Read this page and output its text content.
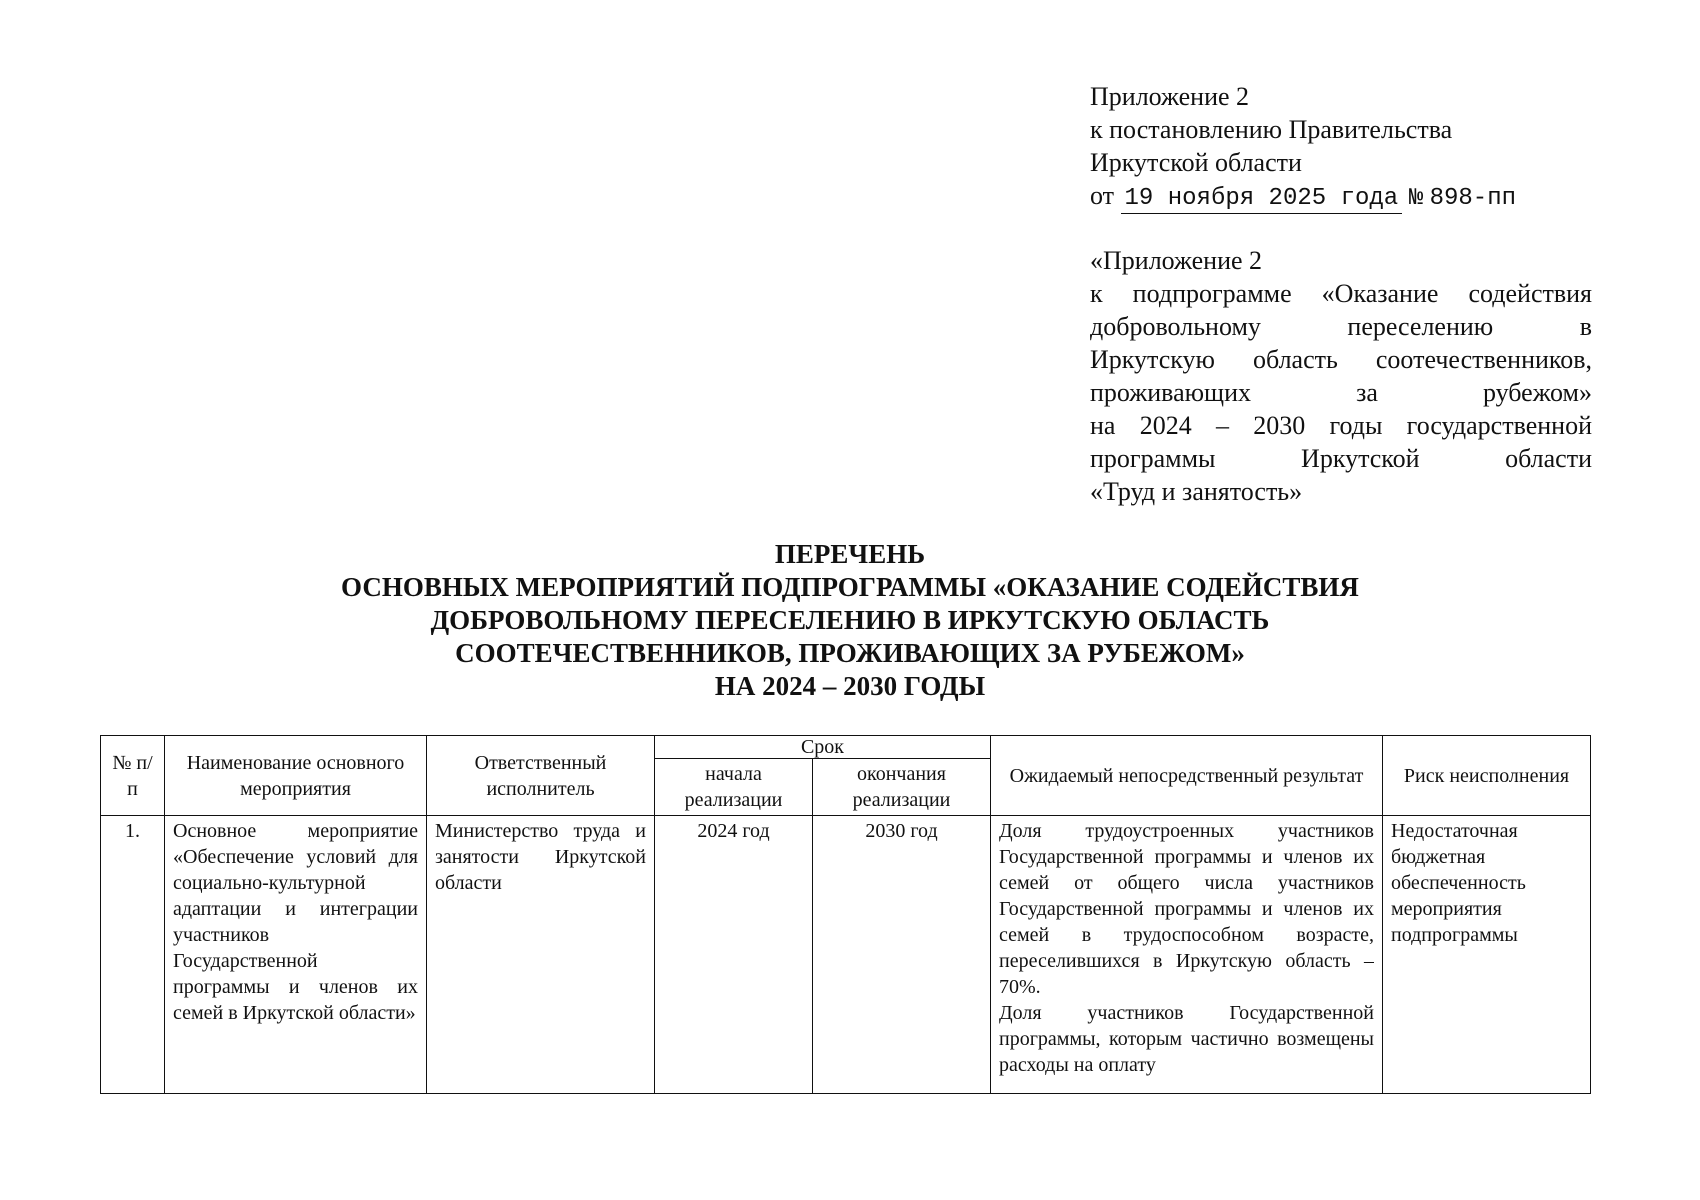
Приложение 2
к постановлению Правительства
Иркутской области
от 19 ноября 2025 года № 898-пп
«Приложение 2
к подпрограмме «Оказание содействия
добровольному переселению в
Иркутскую область соотечественников,
проживающих за рубежом»
на 2024 – 2030 годы государственной
программы Иркутской области
«Труд и занятость»
ПЕРЕЧЕНЬ
ОСНОВНЫХ МЕРОПРИЯТИЙ ПОДПРОГРАММЫ «ОКАЗАНИЕ СОДЕЙСТВИЯ
ДОБРОВОЛЬНОМУ ПЕРЕСЕЛЕНИЮ В ИРКУТСКУЮ ОБЛАСТЬ
СООТЕЧЕСТВЕННИКОВ, ПРОЖИВАЮЩИХ ЗА РУБЕЖОМ»
НА 2024 – 2030 ГОДЫ
№ п/п	Наименование основного мероприятия	Ответственный исполнитель	Срок		Ожидаемый непосредственный результат	Риск неисполнения
			начала реализации	окончания реализации		
1.	Основное мероприятие «Обеспечение условий для социально-культурной адаптации и интеграции участников Государственной программы и членов их семей в Иркутской области»	Министерство труда и занятости Иркутской области	2024 год	2030 год	Доля трудоустроенных участников Государственной программы и членов их семей от общего числа участников Государственной программы и членов их семей в трудоспособном возрасте, переселившихся в Иркутскую область – 70%.
Доля участников Государственной программы, которым частично возмещены расходы на оплату	Недостаточная бюджетная обеспеченность мероприятия подпрограммы
